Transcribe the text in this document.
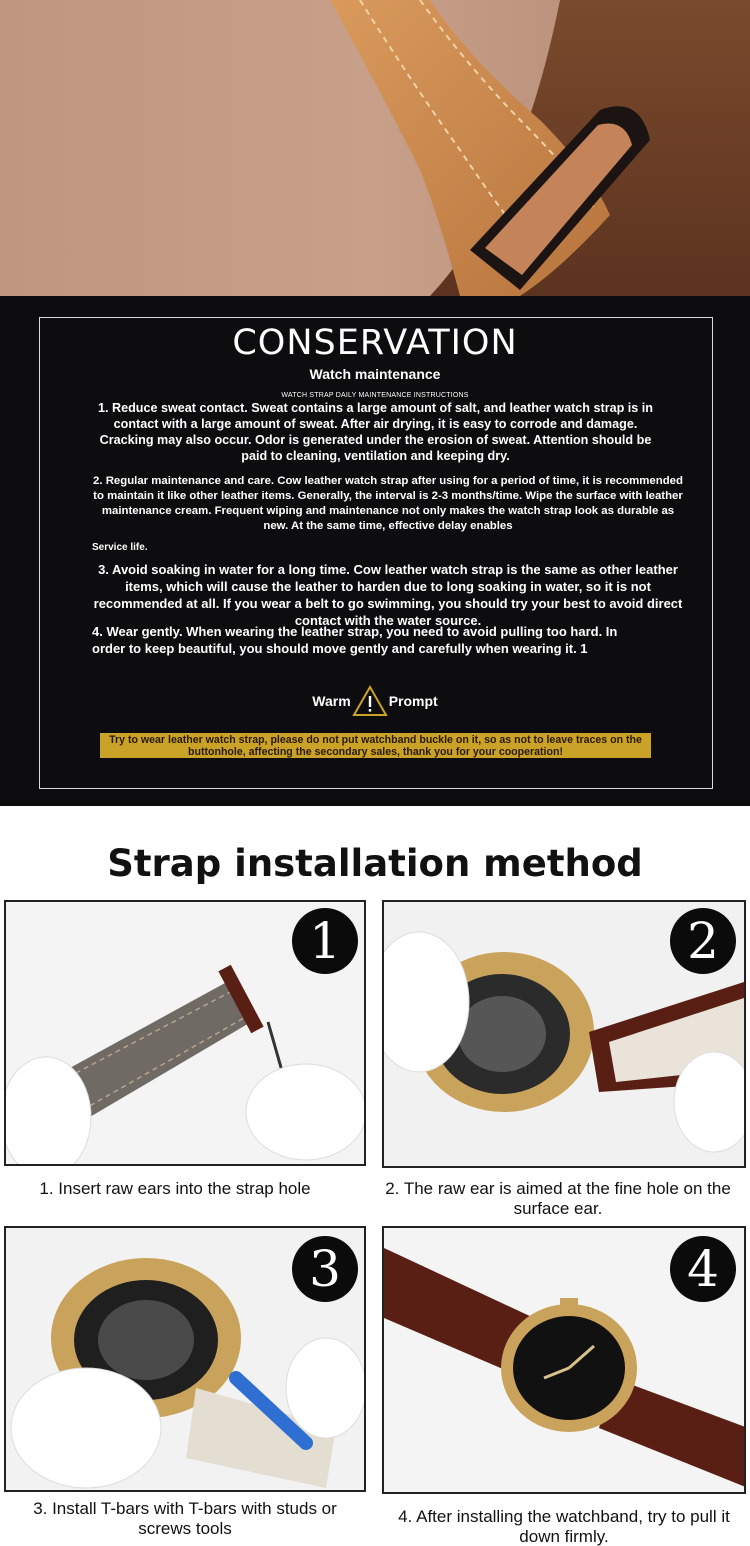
CONSERVATION
Watch maintenance
WATCH STRAP DAILY MAINTENANCE INSTRUCTIONS
1. Reduce sweat contact. Sweat contains a large amount of salt, and leather watch strap is in contact with a large amount of sweat. After air drying, it is easy to corrode and damage. Cracking may also occur. Odor is generated under the erosion of sweat. Attention should be paid to cleaning, ventilation and keeping dry.
2. Regular maintenance and care. Cow leather watch strap after using for a period of time, it is recommended to maintain it like other leather items. Generally, the interval is 2-3 months/time. Wipe the surface with leather maintenance cream. Frequent wiping and maintenance not only makes the watch strap look as durable as new. At the same time, effective delay enables
Service life.
3. Avoid soaking in water for a long time. Cow leather watch strap is the same as other leather items, which will cause the leather to harden due to long soaking in water, so it is not recommended at all. If you wear a belt to go swimming, you should try your best to avoid direct contact with the water source.
4. Wear gently. When wearing the leather strap, you need to avoid pulling too hard. In order to keep beautiful, you should move gently and carefully when wearing it. 1
Warm	Prompt
Try to wear leather watch strap, please do not put watchband buckle on it, so as not to leave traces on the buttonhole, affecting the secondary sales, thank you for your cooperation!
Strap installation method
1
1. Insert raw ears into the strap hole
2
2. The raw ear is aimed at the fine hole on the surface ear.
3
3. Install T-bars with T-bars with studs or screws tools
4
4. After installing the watchband, try to pull it down firmly.
